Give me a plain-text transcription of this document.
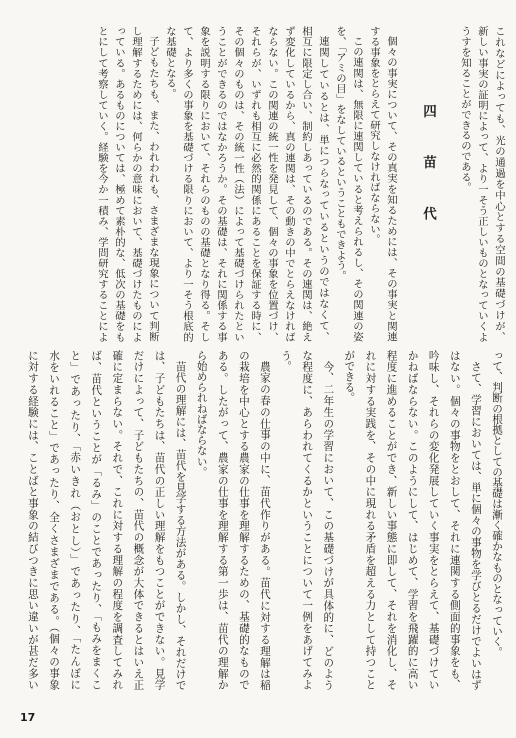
これなどによっても、光の通過を中心とする空間の基礎づけが、
新しい事実の証明によって、より一そう正しいものとなっていくよ
うすを知ることができるのである。
四　苗　代
個々の事実について、その真実を知るためには、その事実と関連
する事象をとらえて研究しなければならない。
この連関は、無限に連関していると考えられるし、その関連の姿
を、「アミの目」をなしているということもできよう。
連関しているとは、単につらなっているというのではなくて、
相互に限定し合い、制約しあっているのである。その連関は、絶え
ず変化しているから、真の連関は、その動きの中でとらえなければ
ならない。この関連の統一性を発見して、個々の事象を位置づけ、
それらが、いずれも相互に必然的関係にあることを保証する時に、
その個々のものは、その統一性（法）によって基礎づけられたとい
うことができるのではなかろうか。その基礎は、それに関係する事
象を説明する限りにおいて、それらのものの基礎となり得る。そし
て、より多くの事象を基礎づける限りにおいて、より一そう根底的
な基礎となる。
子どもたちも、また、われわれも、さまざまな現象について判断
し理解するためには、何らかの意味において、基礎づけたものによ
っている。あるものについては、極めて素朴的な、低次の基礎をも
とにして考察していく。経験を今か一積み、学問研究することによ
って、判断の根拠としての基礎は漸く確かなものとなっていく。
さて、学習においては、単に個々の事物を学びとるだけでよいはず
はない。個々の事物をとおして、それに連関する側面的事象をも、
吟味し、それらの変化発展していく事実をとらえて、基礎づけてい
かねばならない。このようにして、はじめて、学習を飛躍的に高い
程度に進めることができ、新しい事態に即して、それを消化し、そ
れに対する実践を、その中に現れる矛盾を超える力として持つこと
ができる。
今、二年生の学習において、この基礎づけが具体的に、どのよう
な程度に、あらわれてくるかということについて一例をあげてみよ
う。
農家の春の仕事の中に、苗代作りがある。苗代に対する理解は稲
の栽培を中心とする農家の仕事を理解するための、基礎的なもので
ある。したがって、農家の仕事を理解する第一歩は、苗代の理解か
ら始められねばならない。
苗代の理解には、苗代を見学する方法がある。しかし、それだけで
は、子どもたちは、苗代の正しい理解をもつことができない。見学
だけによって、子どもたちの、苗代の概念が大体できるとはいえ正
確に定まらない。それで、これに対する理解の程度を調査してみれ
ば、苗代ということが「るみ」のことであったり、「もみをまくこ
と」であったり、「赤いきれ（おとし）」であったり、「たんぼに
水をいれること」であったり、全くさまざまである。（個々の事象
に対する経験には、ことばと事象の結びつきに思い違いが甚だ多い
17
